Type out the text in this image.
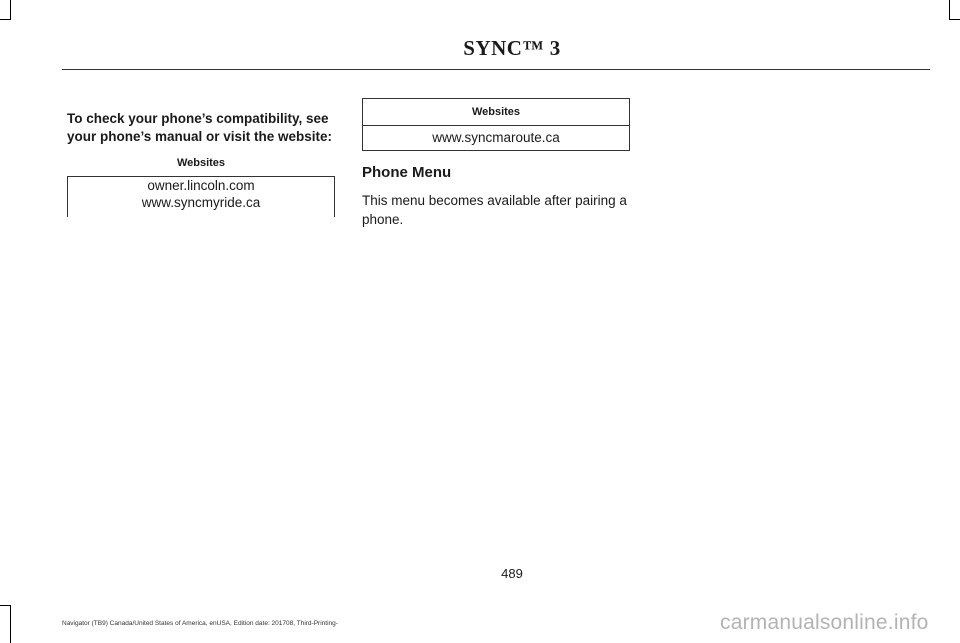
SYNC™ 3
To check your phone’s compatibility, see your phone’s manual or visit the website:
Websites

owner.lincoln.com
www.syncmyride.ca
Websites
www.syncmaroute.ca
Phone Menu
This menu becomes available after pairing a phone.
489
Navigator (TB9) Canada/United States of America, enUSA, Edition date: 201708, Third-Printing-	carmanualsonline.info
